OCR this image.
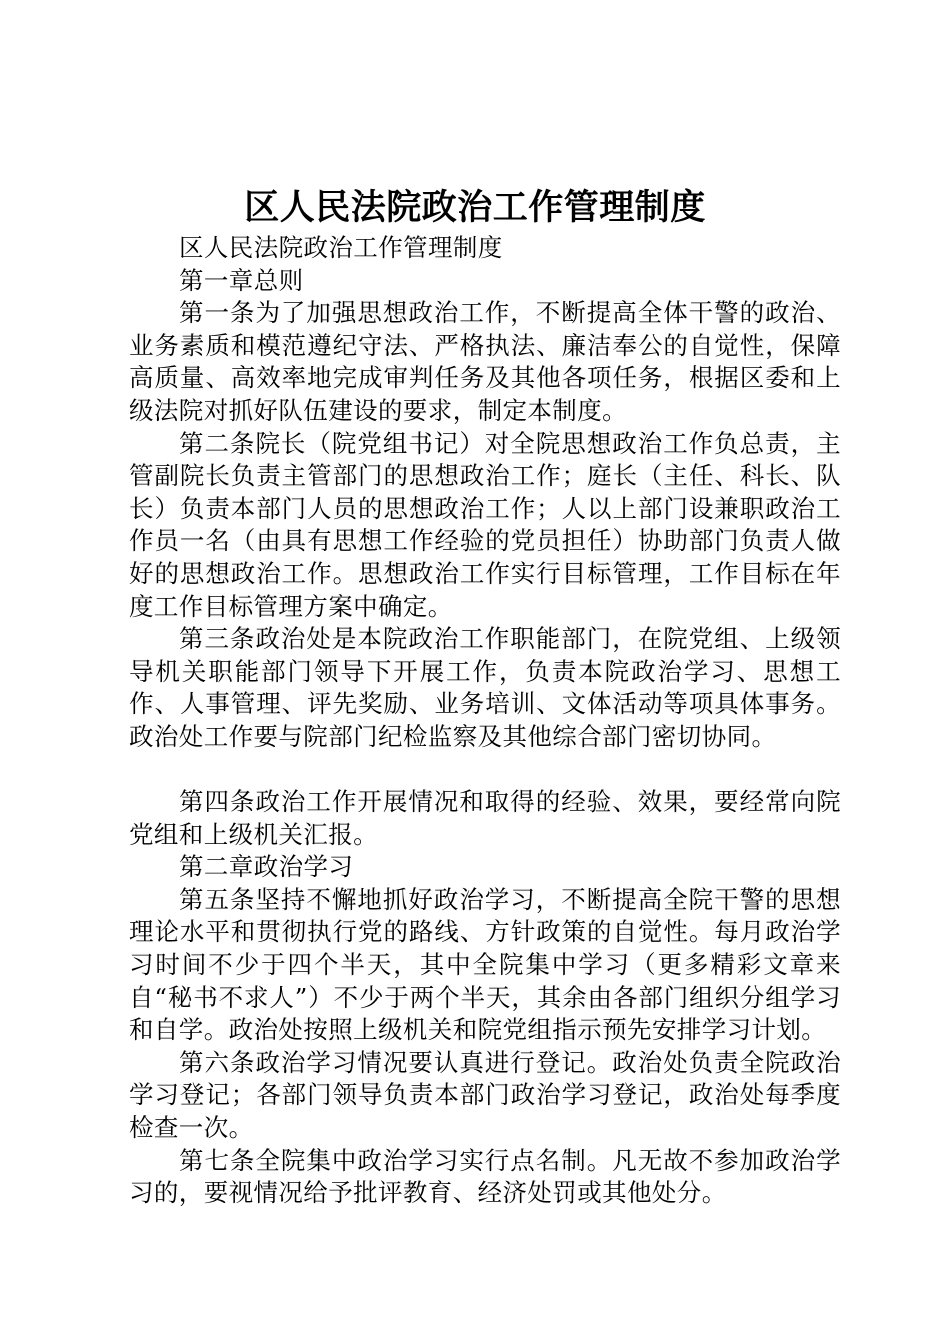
区人民法院政治工作管理制度

区人民法院政治工作管理制度

第一章总则

第一条为了加强思想政治工作，不断提高全体干警的政治、业务素质和模范遵纪守法、严格执法、廉洁奉公的自觉性，保障高质量、高效率地完成审判任务及其他各项任务，根据区委和上级法院对抓好队伍建设的要求，制定本制度。

第二条院长（院党组书记）对全院思想政治工作负总责，主管副院长负责主管部门的思想政治工作；庭长（主任、科长、队长）负责本部门人员的思想政治工作；人以上部门设兼职政治工作员一名（由具有思想工作经验的党员担任）协助部门负责人做好的思想政治工作。思想政治工作实行目标管理，工作目标在年度工作目标管理方案中确定。

第三条政治处是本院政治工作职能部门，在院党组、上级领导机关职能部门领导下开展工作，负责本院政治学习、思想工作、人事管理、评先奖励、业务培训、文体活动等项具体事务。政治处工作要与院部门纪检监察及其他综合部门密切协同。

第四条政治工作开展情况和取得的经验、效果，要经常向院党组和上级机关汇报。

第二章政治学习

第五条坚持不懈地抓好政治学习，不断提高全院干警的思想理论水平和贯彻执行党的路线、方针政策的自觉性。每月政治学习时间不少于四个半天，其中全院集中学习（更多精彩文章来自“秘书不求人”）不少于两个半天，其余由各部门组织分组学习和自学。政治处按照上级机关和院党组指示预先安排学习计划。

第六条政治学习情况要认真进行登记。政治处负责全院政治学习登记；各部门领导负责本部门政治学习登记，政治处每季度检查一次。

第七条全院集中政治学习实行点名制。凡无故不参加政治学习的，要视情况给予批评教育、经济处罚或其他处分。
